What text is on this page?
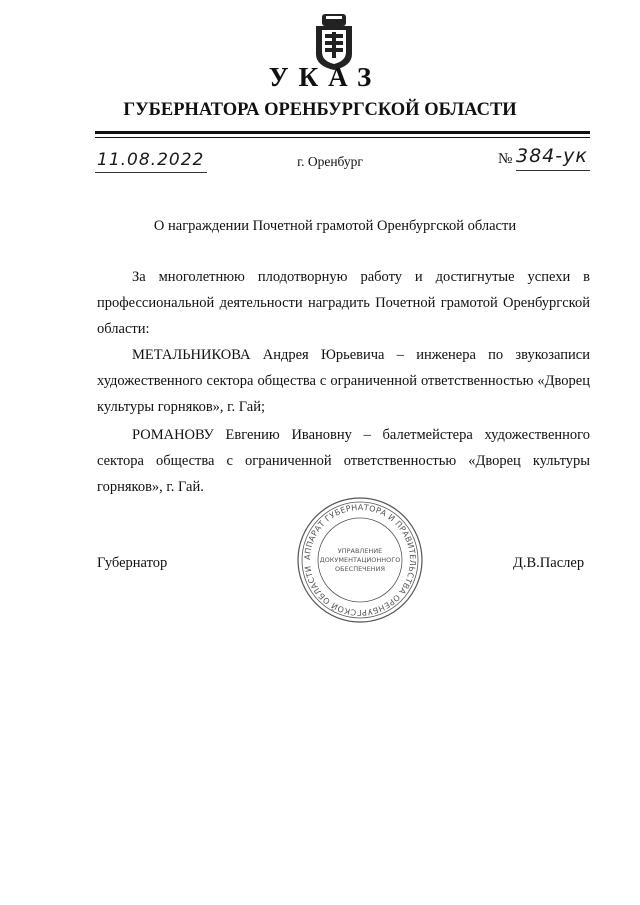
УКАЗ
ГУБЕРНАТОРА ОРЕНБУРГСКОЙ ОБЛАСТИ
11.08.2022	г. Оренбург	№ 384-ук
О награждении Почетной грамотой Оренбургской области
За многолетнюю плодотворную работу и достигнутые успехи в профессиональной деятельности наградить Почетной грамотой Оренбургской области:
МЕТАЛЬНИКОВА Андрея Юрьевича – инженера по звукозаписи художественного сектора общества с ограниченной ответственностью «Дворец культуры горняков», г. Гай;
РОМАНОВУ Евгению Ивановну – балетмейстера художественного сектора общества с ограниченной ответственностью «Дворец культуры горняков», г. Гай.
Губернатор	Д.В.Паслер
АППАРАТ ГУБЕРНАТОРА И ПРАВИТЕЛЬСТВА ОРЕНБУРГСКОЙ ОБЛАСТИ
УПРАВЛЕНИЕ
ДОКУМЕНТАЦИОННОГО
ОБЕСПЕЧЕНИЯ
